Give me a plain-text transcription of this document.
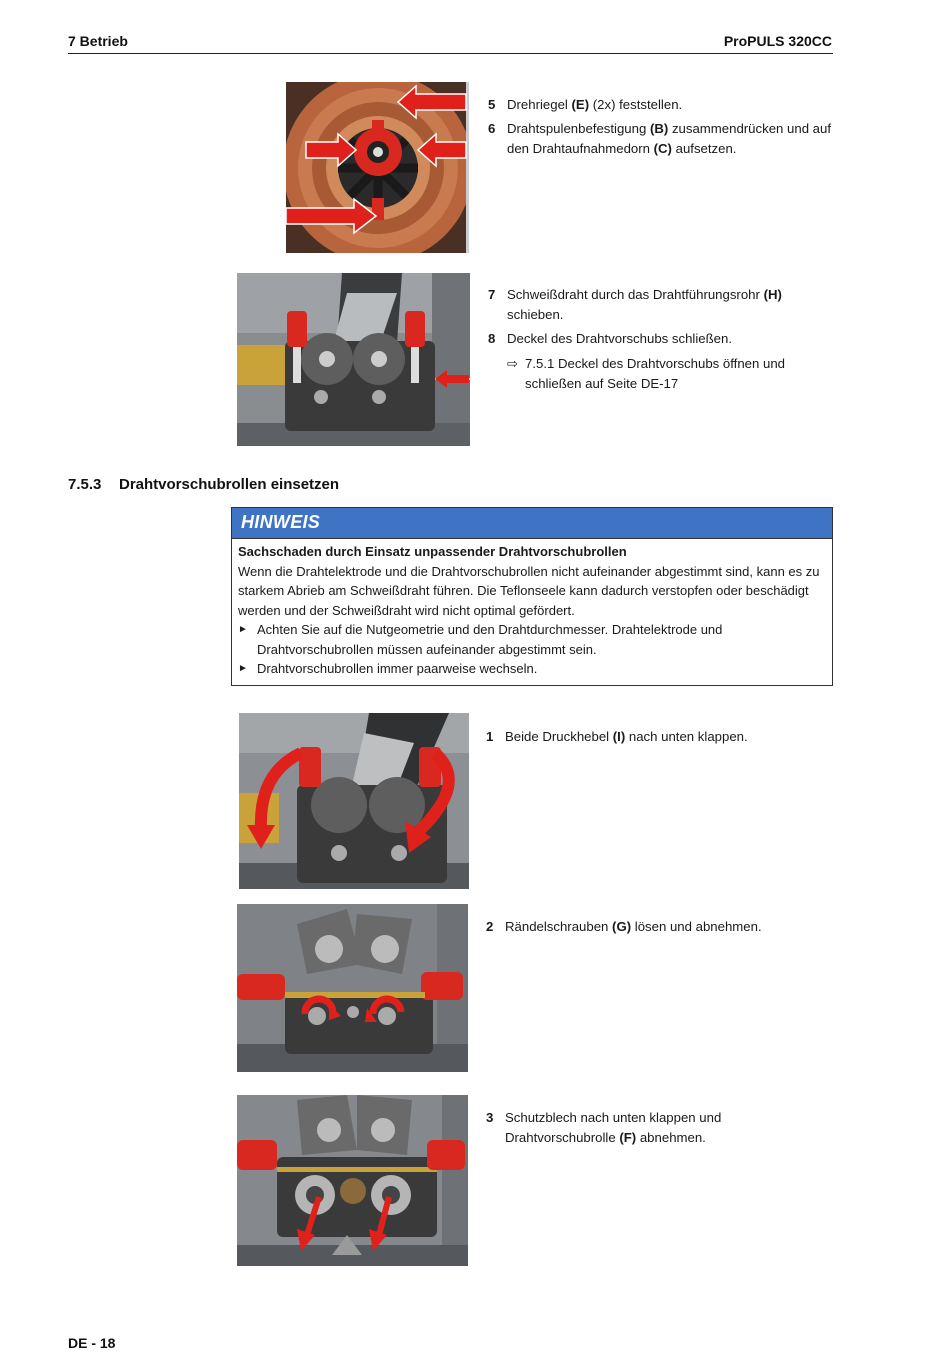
7 Betrieb	ProPULS 320CC
5 Drehriegel (E) (2x) feststellen.
6 Drahtspulenbefestigung (B) zusammendrücken und auf den Drahtaufnahmedorn (C) aufsetzen.
7 Schweißdraht durch das Drahtführungsrohr (H) schieben.
8 Deckel des Drahtvorschubs schließen.
⇨ 7.5.1 Deckel des Drahtvorschubs öffnen und schließen auf Seite DE-17
7.5.3 Drahtvorschubrollen einsetzen
HINWEIS
Sachschaden durch Einsatz unpassender Drahtvorschubrollen
Wenn die Drahtelektrode und die Drahtvorschubrollen nicht aufeinander abgestimmt sind, kann es zu starkem Abrieb am Schweißdraht führen. Die Teflonseele kann dadurch verstopfen oder beschädigt werden und der Schweißdraht wird nicht optimal gefördert.
► Achten Sie auf die Nutgeometrie und den Drahtdurchmesser. Drahtelektrode und Drahtvorschubrollen müssen aufeinander abgestimmt sein.
► Drahtvorschubrollen immer paarweise wechseln.
1 Beide Druckhebel (I) nach unten klappen.
2 Rändelschrauben (G) lösen und abnehmen.
3 Schutzblech nach unten klappen und Drahtvorschubrolle (F) abnehmen.
DE - 18
